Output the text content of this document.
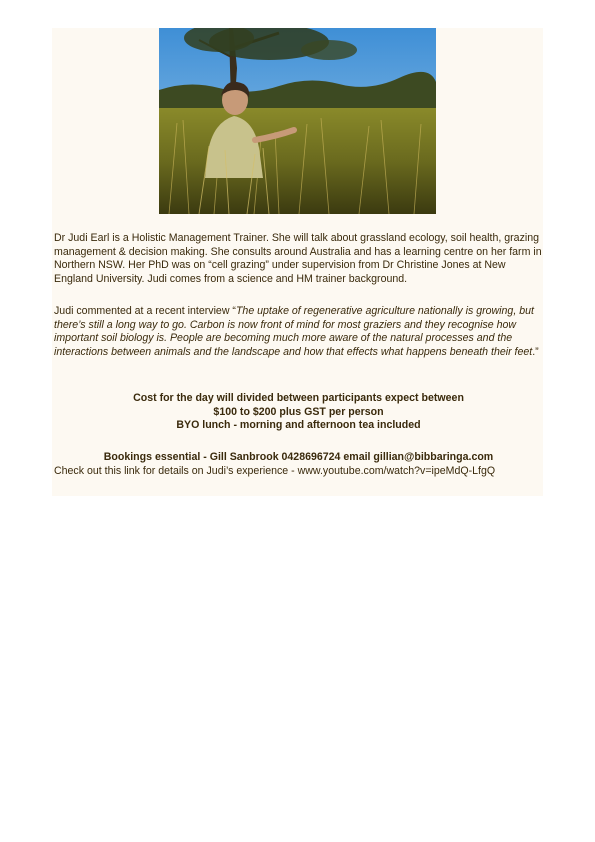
Dr Judi Earl is a Holistic Management Trainer. She will talk about grassland ecology, soil health, grazing management & decision making. She consults around Australia and has a learning centre on her farm in Northern NSW. Her PhD was on “cell grazing” under supervision from Dr Christine Jones at New England University. Judi comes from a science and HM trainer background.
Judi commented at a recent interview “The uptake of regenerative agriculture nationally is growing, but there’s still a long way to go. Carbon is now front of mind for most graziers and they recognise how important soil biology is. People are becoming much more aware of the natural processes and the interactions between animals and the landscape and how that effects what happens beneath their feet.”
Cost for the day will divided between participants expect between
$100 to $200 plus GST per person
BYO lunch - morning and afternoon tea included
Bookings essential - Gill Sanbrook 0428696724 email gillian@bibbaringa.com
Check out this link for details on Judi’s experience - www.youtube.com/watch?v=ipeMdQ-LfgQ
